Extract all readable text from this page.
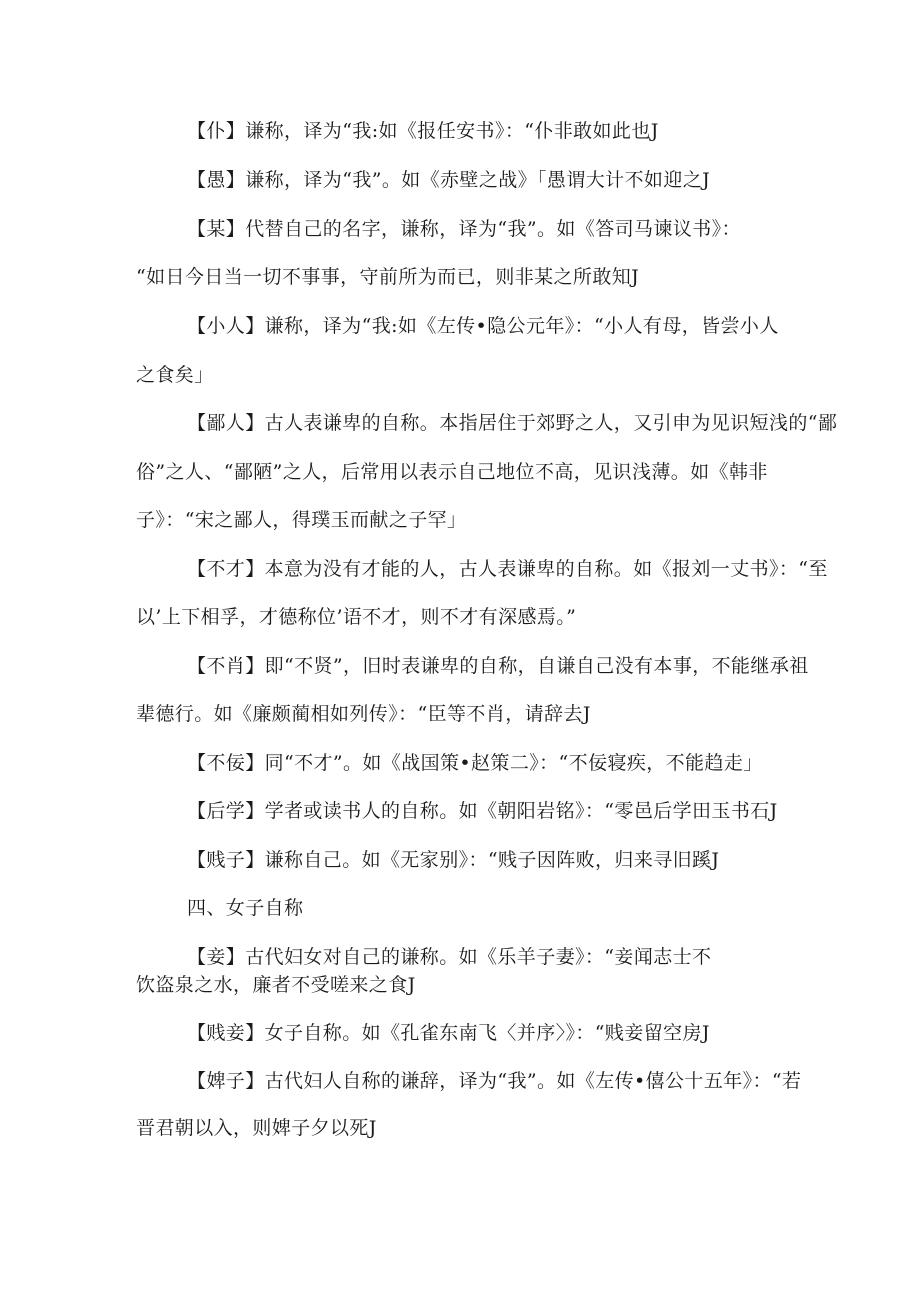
【仆】谦称，译为“我:如《报任安书》：“仆非敢如此也J
【愚】谦称，译为“我”。如《赤壁之战》「愚谓大计不如迎之J
【某】代替自己的名字，谦称，译为“我”。如《答司马谏议书》：
“如日今日当一切不事事，守前所为而已，则非某之所敢知J
【小人】谦称，译为“我:如《左传•隐公元年》：“小人有母，皆尝小人
之食矣」
【鄙人】古人表谦卑的自称。本指居住于郊野之人，又引申为见识短浅的“鄙
俗”之人、“鄙陋”之人，后常用以表示自己地位不高，见识浅薄。如《韩非
子》：“宋之鄙人，得璞玉而献之子罕」
【不才】本意为没有才能的人，古人表谦卑的自称。如《报刘一丈书》：“至
以’上下相孚，才德称位’语不才，则不才有深感焉。”
【不肖】即“不贤”，旧时表谦卑的自称，自谦自己没有本事，不能继承祖
辈德行。如《廉颇蔺相如列传》：“臣等不肖，请辞去J
【不佞】同“不才”。如《战国策•赵策二》：“不佞寝疾，不能趋走」
【后学】学者或读书人的自称。如《朝阳岩铭》：“零邑后学田玉书石J
【贱子】谦称自己。如《无家别》：“贱子因阵败，归来寻旧蹊J
四、女子自称
【妾】古代妇女对自己的谦称。如《乐羊子妻》：“妾闻志士不
饮盗泉之水，廉者不受嗟来之食J
【贱妾】女子自称。如《孔雀东南飞〈并序〉》：“贱妾留空房J
【婢子】古代妇人自称的谦辞，译为“我”。如《左传•僖公十五年》：“若
晋君朝以入，则婢子夕以死J
